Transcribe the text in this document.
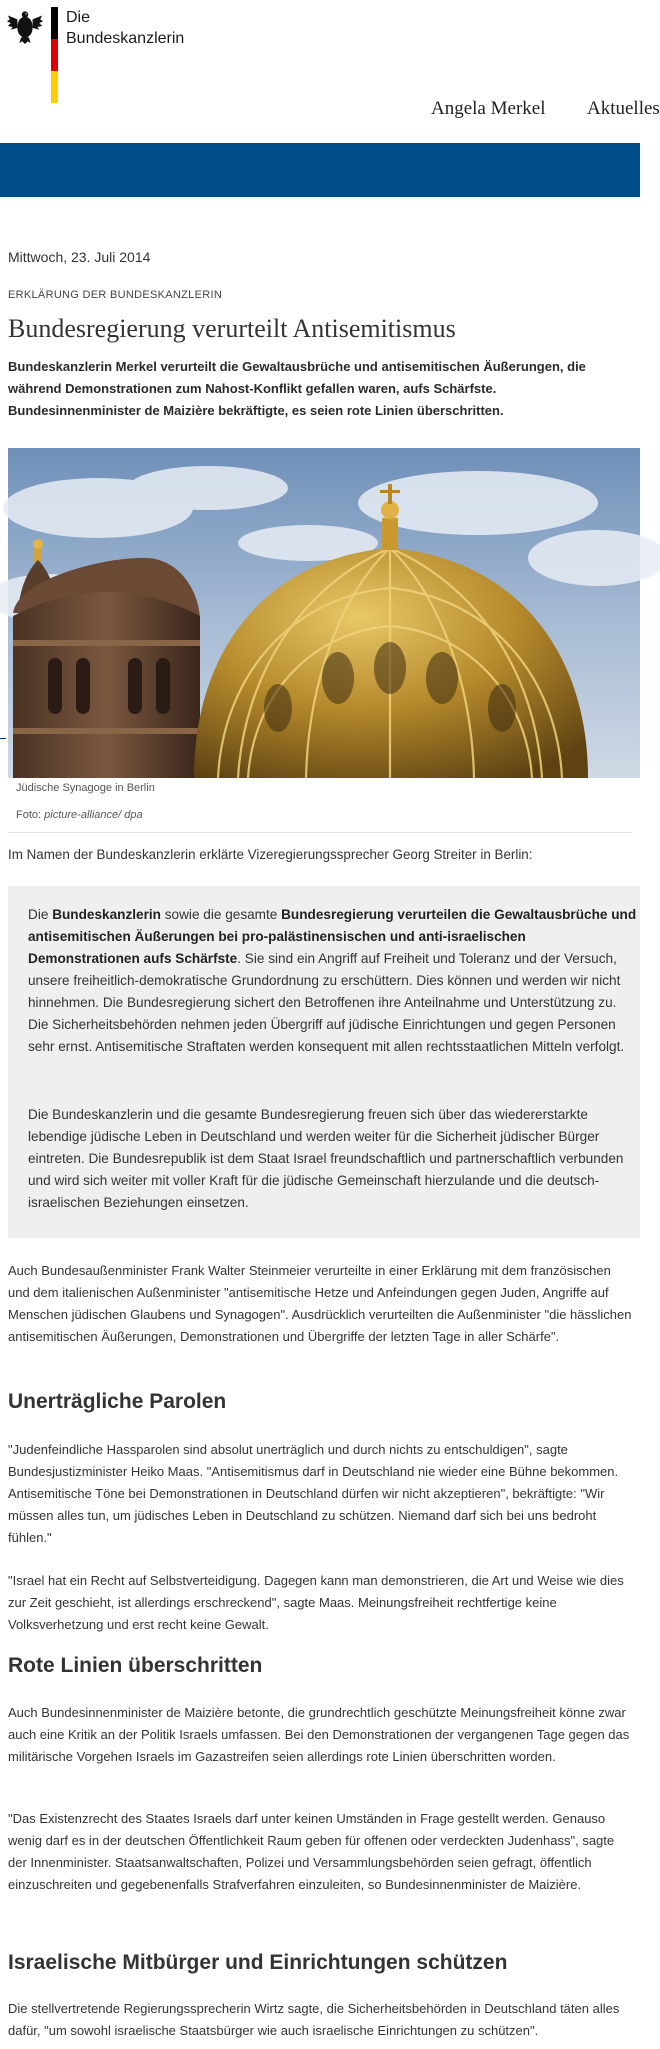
Die
Bundeskanzlerin
Angela Merkel Aktuelles
Mittwoch, 23. Juli 2014
ERKLÄRUNG DER BUNDESKANZLERIN
Bundesregierung verurteilt Antisemitismus

Bundeskanzlerin Merkel verurteilt die Gewaltausbrüche und antisemitischen Äußerungen, die während Demonstrationen zum Nahost-Konflikt gefallen waren, aufs Schärfste. Bundesinnenminister de Maizière bekräftigte, es seien rote Linien überschritten.

Jüdische Synagoge in Berlin
Foto: picture-alliance/ dpa
Im Namen der Bundeskanzlerin erklärte Vizeregierungssprecher Georg Streiter in Berlin:

Die Bundeskanzlerin sowie die gesamte Bundesregierung verurteilen die Gewaltausbrüche und antisemitischen Äußerungen bei pro-palästinensischen und anti-israelischen Demonstrationen aufs Schärfste. Sie sind ein Angriff auf Freiheit und Toleranz und der Versuch, unsere freiheitlich-demokratische Grundordnung zu erschüttern. Dies können und werden wir nicht hinnehmen. Die Bundesregierung sichert den Betroffenen ihre Anteilnahme und Unterstützung zu. Die Sicherheitsbehörden nehmen jeden Übergriff auf jüdische Einrichtungen und gegen Personen sehr ernst. Antisemitische Straftaten werden konsequent mit allen rechtsstaatlichen Mitteln verfolgt.

Die Bundeskanzlerin und die gesamte Bundesregierung freuen sich über das wiedererstarkte lebendige jüdische Leben in Deutschland und werden weiter für die Sicherheit jüdischer Bürger eintreten. Die Bundesrepublik ist dem Staat Israel freundschaftlich und partnerschaftlich verbunden und wird sich weiter mit voller Kraft für die jüdische Gemeinschaft hierzulande und die deutsch-israelischen Beziehungen einsetzen.

Auch Bundesaußenminister Frank Walter Steinmeier verurteilte in einer Erklärung mit dem französischen und dem italienischen Außenminister "antisemitische Hetze und Anfeindungen gegen Juden, Angriffe auf Menschen jüdischen Glaubens und Synagogen". Ausdrücklich verurteilten die Außenminister "die hässlichen antisemitischen Äußerungen, Demonstrationen und Übergriffe der letzten Tage in aller Schärfe".

Unerträgliche Parolen

"Judenfeindliche Hassparolen sind absolut unerträglich und durch nichts zu entschuldigen", sagte Bundesjustizminister Heiko Maas. "Antisemitismus darf in Deutschland nie wieder eine Bühne bekommen. Antisemitische Töne bei Demonstrationen in Deutschland dürfen wir nicht akzeptieren", bekräftigte: "Wir müssen alles tun, um jüdisches Leben in Deutschland zu schützen. Niemand darf sich bei uns bedroht fühlen."

"Israel hat ein Recht auf Selbstverteidigung. Dagegen kann man demonstrieren, die Art und Weise wie dies zur Zeit geschieht, ist allerdings erschreckend", sagte Maas. Meinungsfreiheit rechtfertige keine Volksverhetzung und erst recht keine Gewalt.

Rote Linien überschritten

Auch Bundesinnenminister de Maizière betonte, die grundrechtlich geschützte Meinungsfreiheit könne zwar auch eine Kritik an der Politik Israels umfassen. Bei den Demonstrationen der vergangenen Tage gegen das militärische Vorgehen Israels im Gazastreifen seien allerdings rote Linien überschritten worden.

"Das Existenzrecht des Staates Israels darf unter keinen Umständen in Frage gestellt werden. Genauso wenig darf es in der deutschen Öffentlichkeit Raum geben für offenen oder verdeckten Judenhass", sagte der Innenminister. Staatsanwaltschaften, Polizei und Versammlungsbehörden seien gefragt, öffentlich einzuschreiten und gegebenenfalls Strafverfahren einzuleiten, so Bundesinnenminister de Maizière.

Israelische Mitbürger und Einrichtungen schützen

Die stellvertretende Regierungssprecherin Wirtz sagte, die Sicherheitsbehörden in Deutschland täten alles dafür, "um sowohl israelische Staatsbürger wie auch israelische Einrichtungen zu schützen".
